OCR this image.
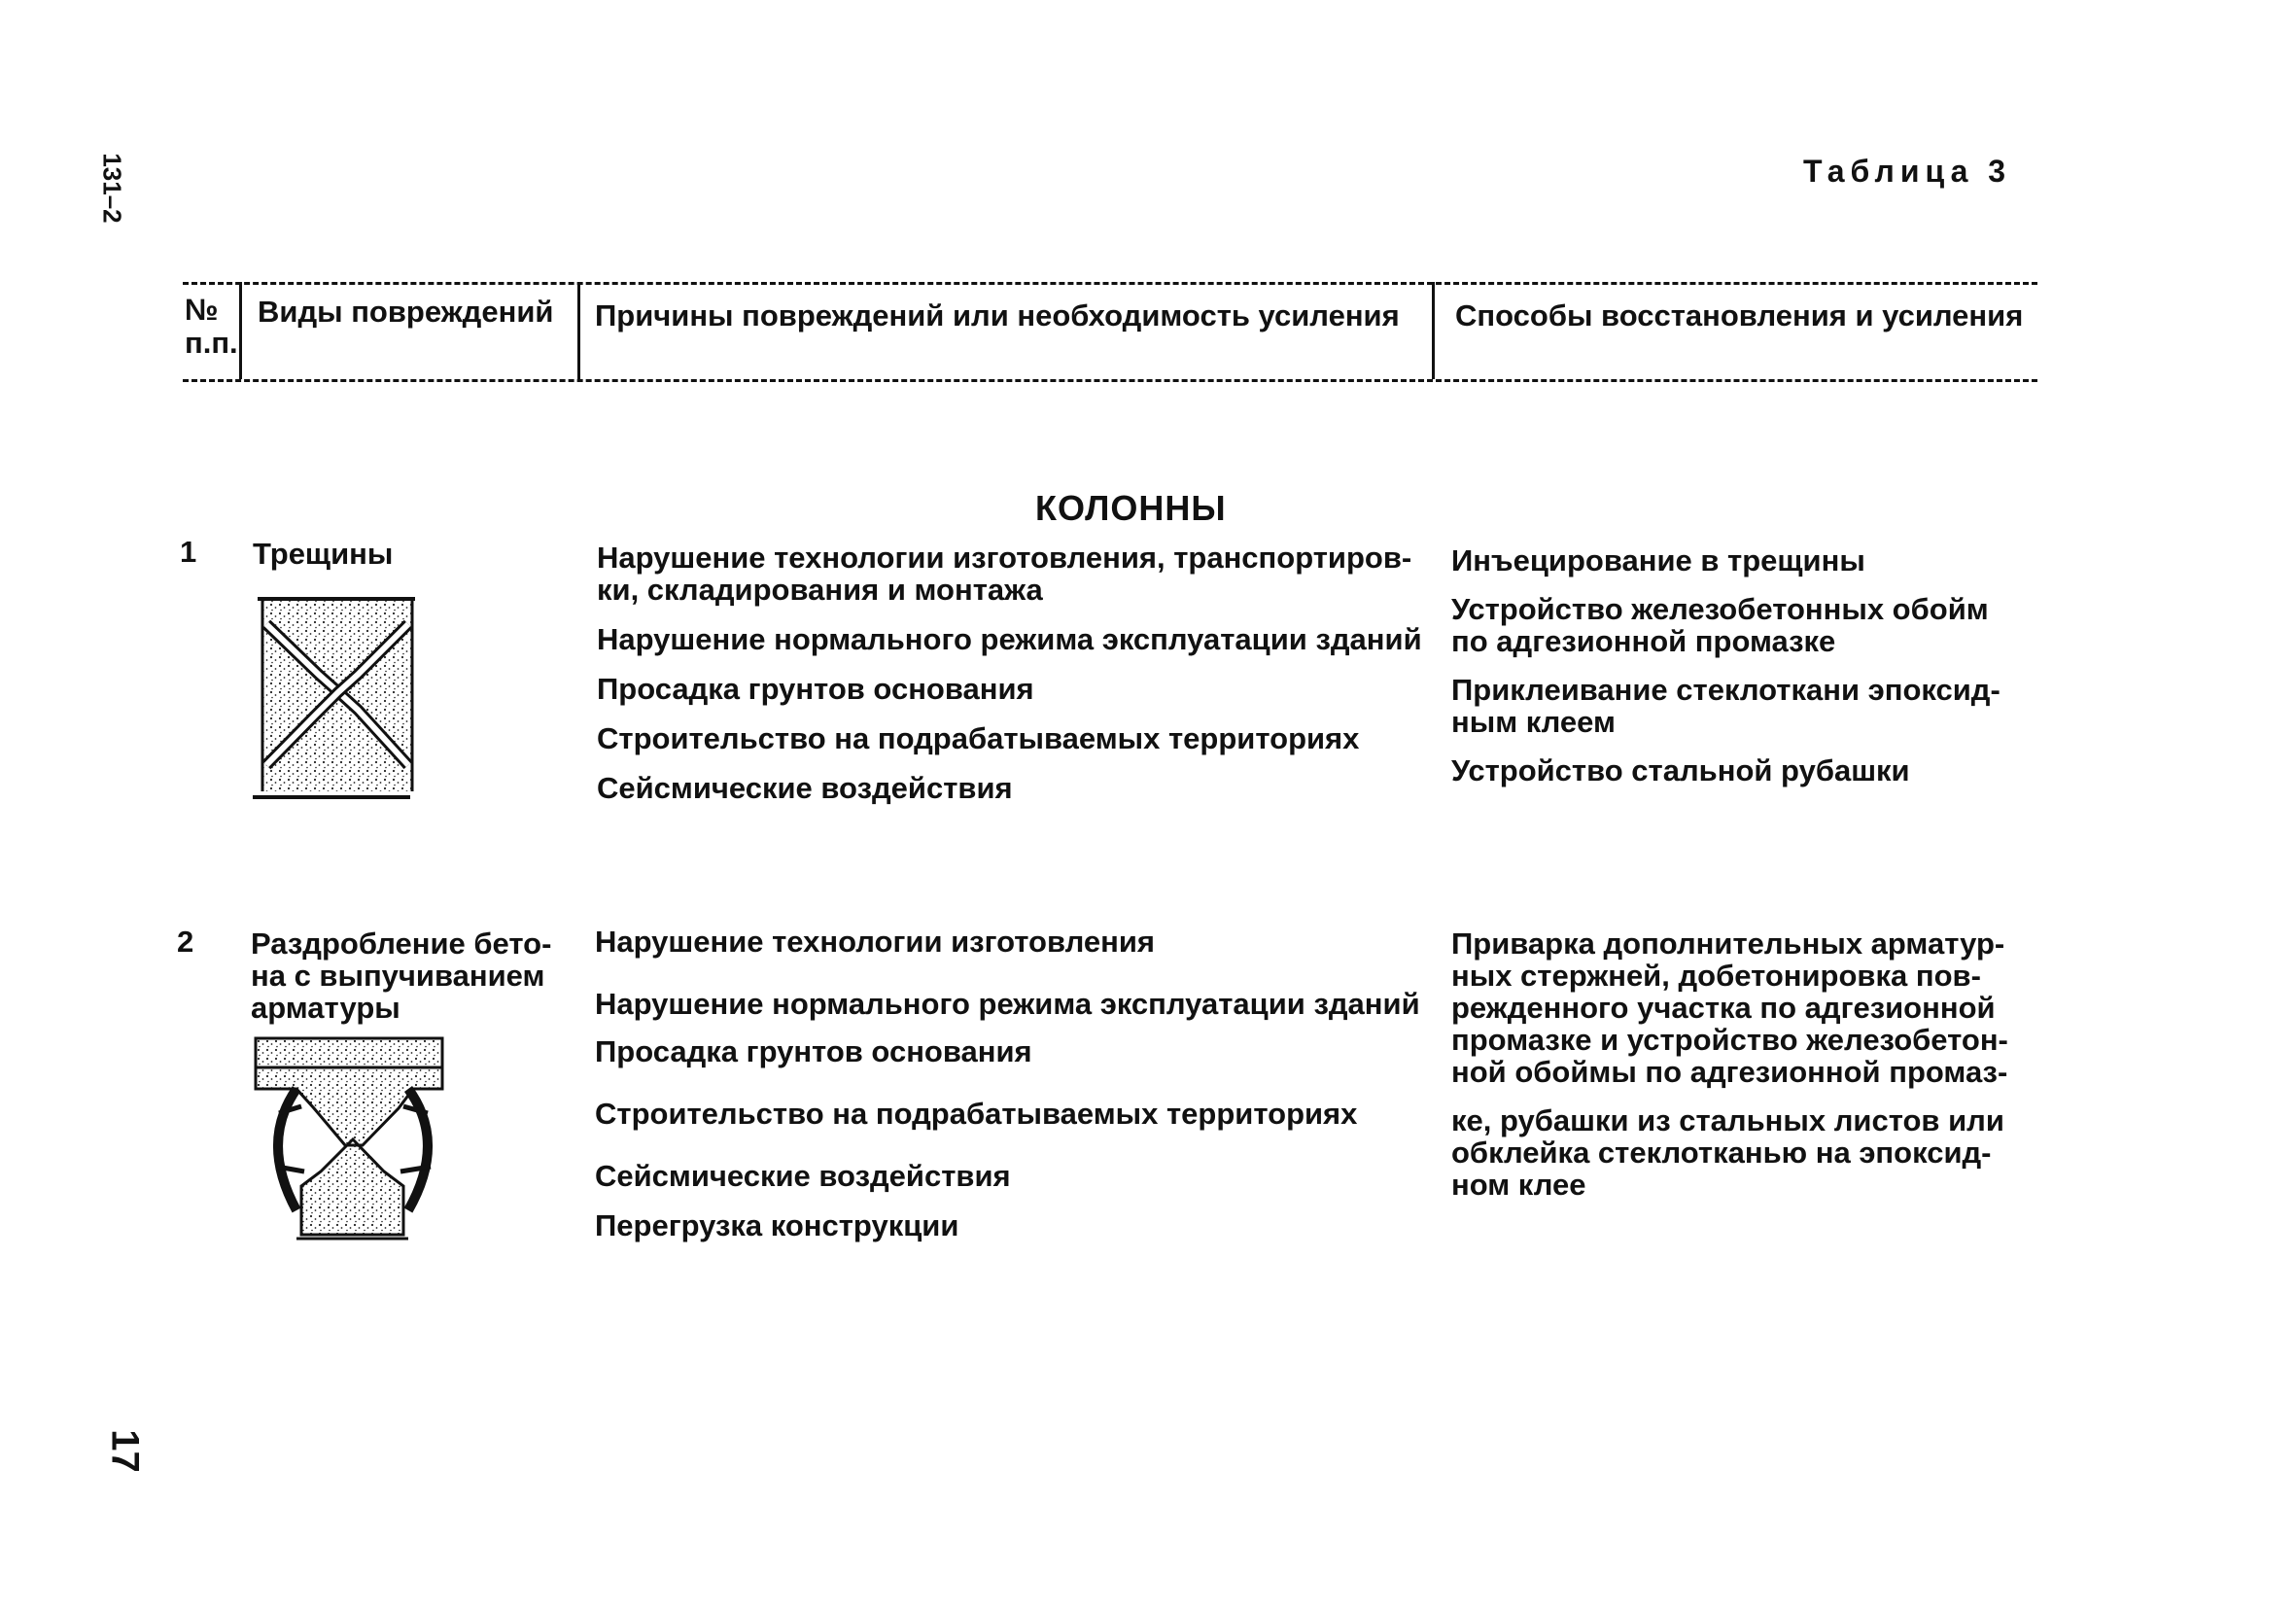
131–2
17
Таблица 3
№
п.п.
Виды повреждений Причины повреждений или необходимость усиления Способы восстановления и усиления
КОЛОННЫ
1 Трещины	Нарушение технологии изготовления, транспортиров-
ки, складирования и монтажа
Нарушение нормального режима эксплуатации зданий
Просадка грунтов основания
Строительство на подрабатываемых территориях
Сейсмические воздействия
Инъецирование в трещины
Устройство железобетонных обойм
по адгезионной промазке
Приклеивание стеклоткани эпоксид-
ным клеем
Устройство стальной рубашки
2 Раздробление бето-
на с выпучиванием
арматуры
Нарушение технологии изготовления
Нарушение нормального режима эксплуатации зданий
Просадка грунтов основания
Строительство на подрабатываемых территориях
Сейсмические воздействия
Перегрузка конструкции
Приварка дополнительных арматур-
ных стержней, добетонировка пов-
режденного участка по адгезионной
промазке и устройство железобетон-
ной обоймы по адгезионной промаз-
ке, рубашки из стальных листов или
обклейка стеклотканью на эпоксид-
ном клее
